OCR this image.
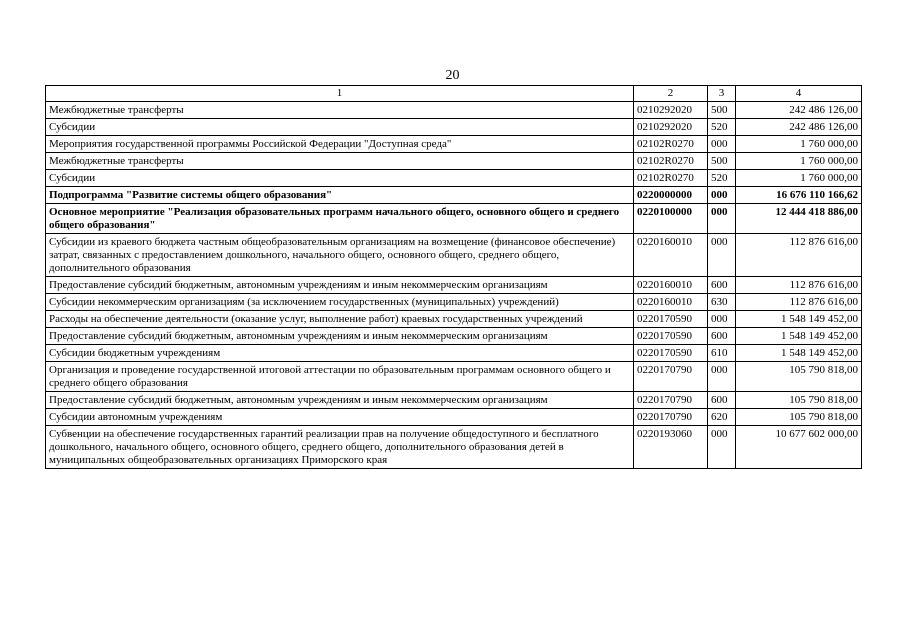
20
1	2	3	4
Межбюджетные трансферты	0210292020	500	242 486 126,00
Субсидии	0210292020	520	242 486 126,00
Мероприятия государственной программы Российской Федерации "Доступная среда"	02102R0270	000	1 760 000,00
Межбюджетные трансферты	02102R0270	500	1 760 000,00
Субсидии	02102R0270	520	1 760 000,00
Подпрограмма "Развитие системы общего образования"	0220000000	000	16 676 110 166,62
Основное мероприятие "Реализация образовательных программ начального общего, основного общего и среднего общего образования"	0220100000	000	12 444 418 886,00
Субсидии из краевого бюджета частным общеобразовательным организациям на возмещение (финансовое обеспечение) затрат, связанных с предоставлением дошкольного, начального общего, основного общего, среднего общего, дополнительного образования	0220160010	000	112 876 616,00
Предоставление субсидий бюджетным, автономным учреждениям и иным некоммерческим организациям	0220160010	600	112 876 616,00
Субсидии некоммерческим организациям (за исключением государственных (муниципальных) учреждений)	0220160010	630	112 876 616,00
Расходы на обеспечение деятельности (оказание услуг, выполнение работ) краевых государственных учреждений	0220170590	000	1 548 149 452,00
Предоставление субсидий бюджетным, автономным учреждениям и иным некоммерческим организациям	0220170590	600	1 548 149 452,00
Субсидии бюджетным учреждениям	0220170590	610	1 548 149 452,00
Организация и проведение государственной итоговой аттестации по образовательным программам основного общего и среднего общего образования	0220170790	000	105 790 818,00
Предоставление субсидий бюджетным, автономным учреждениям и иным некоммерческим организациям	0220170790	600	105 790 818,00
Субсидии автономным учреждениям	0220170790	620	105 790 818,00
Субвенции на обеспечение государственных гарантий реализации прав на получение общедоступного и бесплатного дошкольного, начального общего, основного общего, среднего общего, дополнительного образования детей в муниципальных общеобразовательных организациях Приморского края	0220193060	000	10 677 602 000,00
